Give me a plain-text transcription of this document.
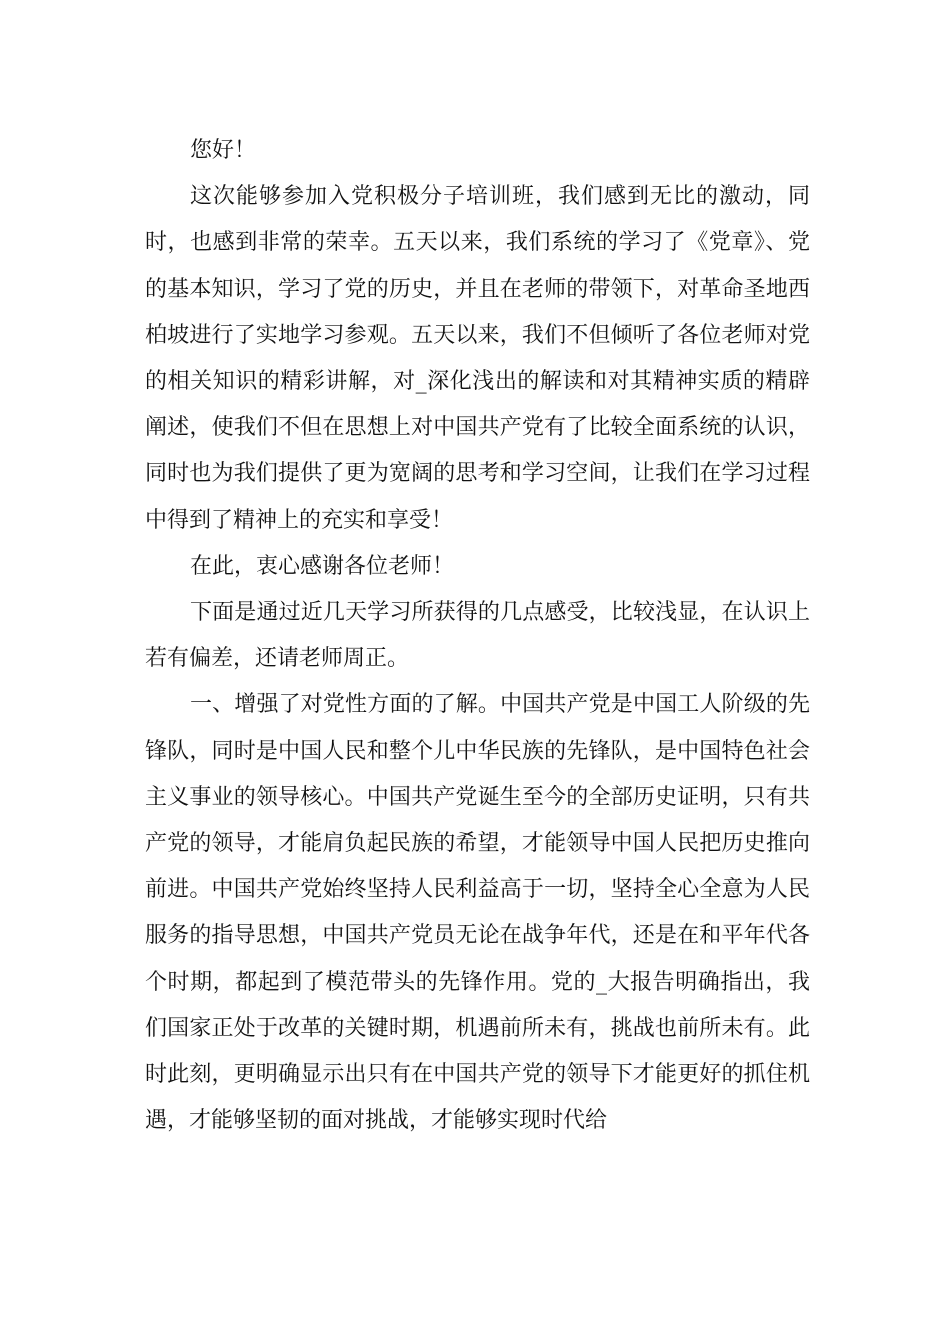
您好！

这次能够参加入党积极分子培训班，我们感到无比的激动，同时，也感到非常的荣幸。五天以来，我们系统的学习了《党章》、党的基本知识，学习了党的历史，并且在老师的带领下，对革命圣地西柏坡进行了实地学习参观。五天以来，我们不但倾听了各位老师对党的相关知识的精彩讲解，对_深化浅出的解读和对其精神实质的精辟阐述，使我们不但在思想上对中国共产党有了比较全面系统的认识，同时也为我们提供了更为宽阔的思考和学习空间，让我们在学习过程中得到了精神上的充实和享受！

在此，衷心感谢各位老师！

下面是通过近几天学习所获得的几点感受，比较浅显，在认识上若有偏差，还请老师周正。

一、增强了对党性方面的了解。中国共产党是中国工人阶级的先锋队，同时是中国人民和整个儿中华民族的先锋队，是中国特色社会主义事业的领导核心。中国共产党诞生至今的全部历史证明，只有共产党的领导，才能肩负起民族的希望，才能领导中国人民把历史推向前进。中国共产党始终坚持人民利益高于一切，坚持全心全意为人民服务的指导思想，中国共产党员无论在战争年代，还是在和平年代各个时期，都起到了模范带头的先锋作用。党的_大报告明确指出，我们国家正处于改革的关键时期，机遇前所未有，挑战也前所未有。此时此刻，更明确显示出只有在中国共产党的领导下才能更好的抓住机遇，才能够坚韧的面对挑战，才能够实现时代给
